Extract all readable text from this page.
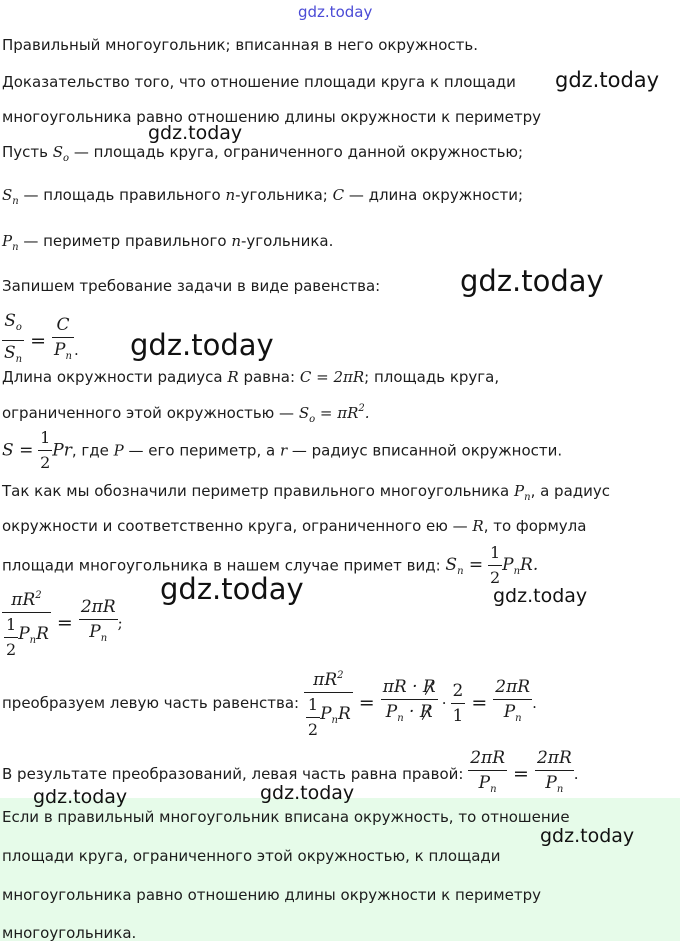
gdz.today
Правильный многоугольник; вписанная в него окружность.
Доказательство того, что отношение площади круга к площади gdz.today
многоугольника равно отношению длины окружности к периметру
gdz.today
Пусть $S_o$ — площадь круга, ограниченного данной окружностью;
$S_n$ — площадь правильного n-угольника; C — длина окружности;
$P_n$ — периметр правильного n-угольника.
Запишем требование задачи в виде равенства:	gdz.today
$\frac{S_o}{S_n} = \frac{C}{P_n}$ . gdz.today
Длина окружности радиуса R равна: C = 2πR; площадь круга,
ограниченного этой окружностью — $S_o = \pi R^2$.
$S = \frac{1}{2} Pr$, где P — его периметр, а r — радиус вписанной окружности.
Так как мы обозначили периметр правильного многоугольника $P_n$, а радиус
окружности и соответственно круга, ограниченного ею — R, то формула
площади многоугольника в нашем случае примет вид: $S_n = \frac{1}{2} P_nR$.
gdz.today
$\frac{\pi R^2}{\frac{1}{2} P_nR} = \frac{2\pi R}{P_n}$ ;
gdz.today
преобразуем левую часть равенства: $\frac{\pi R^2}{\frac{1}{2} P_nR} = \frac{\pi R \cdot R}{P_n \cdot R} \cdot \frac{2}{1} = \frac{2\pi R}{P_n}$ .
В результате преобразований, левая часть равна правой: $\frac{2\pi R}{P_n} = \frac{2\pi R}{P_n}$ .
gdz.today	gdz.today
Если в правильный многоугольник вписана окружность, то отношение
gdz.today
площади круга, ограниченного этой окружностью, к площади
многоугольника равно отношению длины окружности к периметру
многоугольника.
